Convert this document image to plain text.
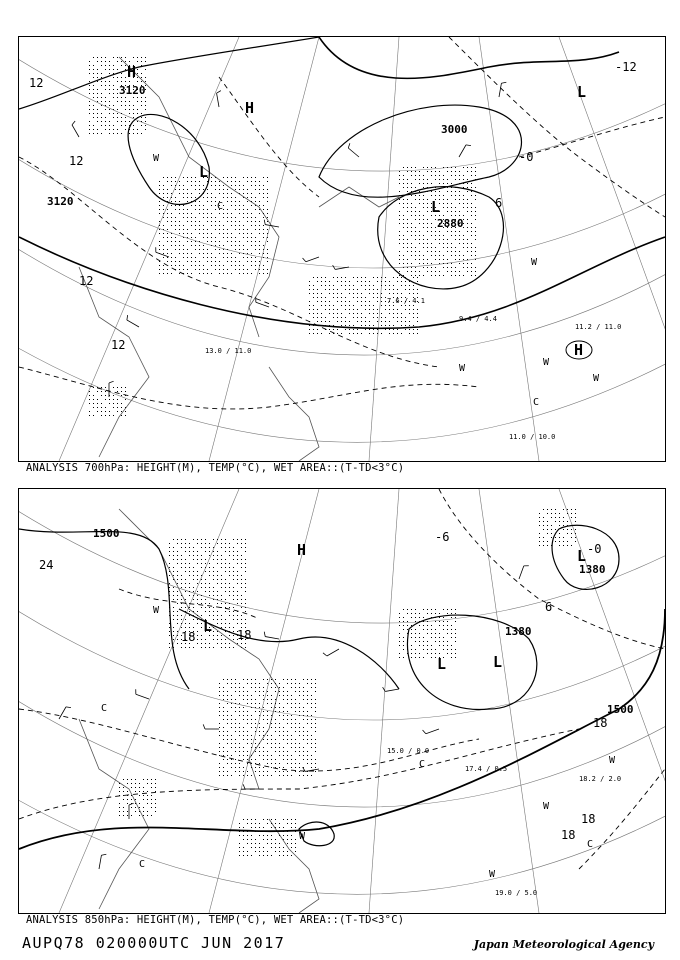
3120
3120
3000
2880
12
12
12
12
-0
-12
6
H
H
L
L
L
H
W
W
W
W
W
C
C
11.2 / 11.0
11.0 / 10.0
9.4 / 4.4
7.6 / 4.1
13.0 / 11.0
ANALYSIS 700hPa: HEIGHT(M), TEMP(°C), WET AREA::(T-TD<3°C)
1500
1380
1380
1500
18	18
18
18
18
-6
-0
24
6
H
L
L	L
L
W
W
W
W
W
C
C
C
C
17.4 / 0.5
18.2 / 2.0
19.0 / 5.0
15.0 / 0.0
ANALYSIS 850hPa: HEIGHT(M), TEMP(°C), WET AREA::(T-TD<3°C)
AUPQ78 020000UTC JUN 2017	Japan Meteorological Agency
